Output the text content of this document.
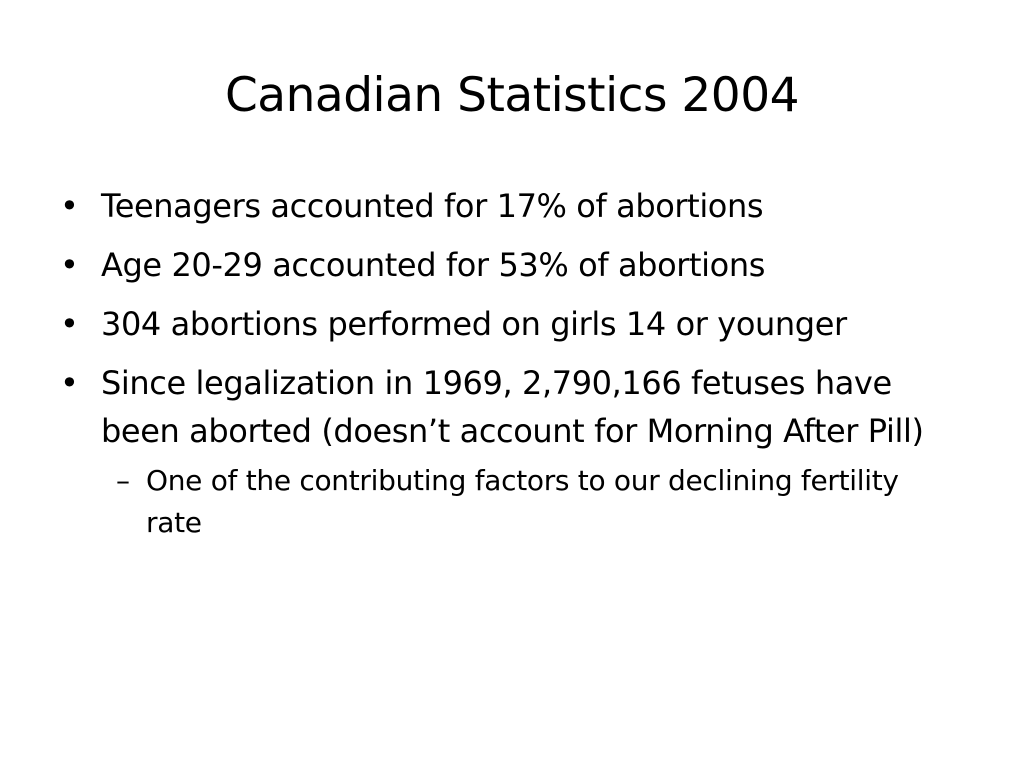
Canadian Statistics 2004
• Teenagers accounted for 17% of abortions
• Age 20-29 accounted for 53% of abortions
• 304 abortions performed on girls 14 or younger
• Since legalization in 1969, 2,790,166 fetuses have been aborted (doesn’t account for Morning After Pill)
– One of the contributing factors to our declining fertility rate
